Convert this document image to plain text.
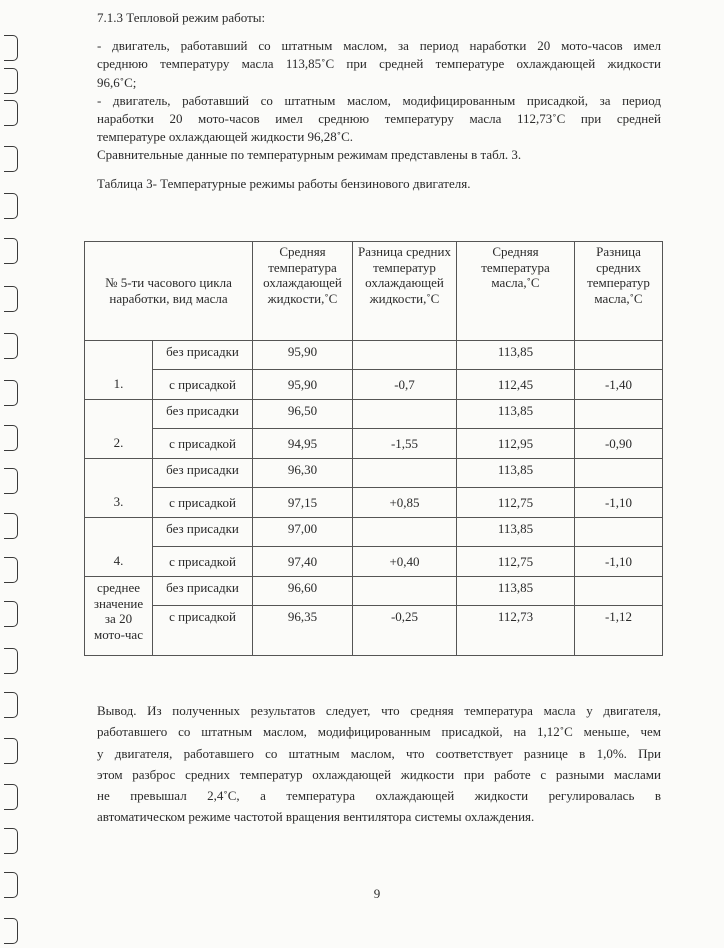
7.1.3 Тепловой режим работы:
- двигатель, работавший со штатным маслом, за период наработки 20 мото-часов имел
среднюю температуру масла 113,85˚С при средней температуре охлаждающей жидкости
96,6˚С;
- двигатель, работавший со штатным маслом, модифицированным присадкой, за период
наработки 20 мото-часов имел среднюю температуру масла 112,73˚С при средней
температуре охлаждающей жидкости 96,28˚С.
Сравнительные данные по температурным режимам представлены в табл. 3.
Таблица 3- Температурные режимы работы бензинового двигателя.
№ 5-ти часового цикла наработки, вид масла		Средняя температура охлаждающей жидкости,˚С	Разница средних температур охлаждающей жидкости,˚С	Средняя температура масла,˚С	Разница средних температур масла,˚С
1.	без присадки	95,90		113,85	
	с присадкой	95,90	-0,7	112,45	-1,40
2.	без присадки	96,50		113,85	
	с присадкой	94,95	-1,55	112,95	-0,90
3.	без присадки	96,30		113,85	
	с присадкой	97,15	+0,85	112,75	-1,10
4.	без присадки	97,00		113,85	
	с присадкой	97,40	+0,40	112,75	-1,10
среднее значение за 20 мото-час	без присадки	96,60		113,85	
	с присадкой	96,35	-0,25	112,73	-1,12
Вывод. Из полученных результатов следует, что средняя температура масла у двигателя,
работавшего со штатным маслом, модифицированным присадкой, на 1,12˚С меньше, чем
у двигателя, работавшего со штатным маслом, что соответствует разнице в 1,0%. При
этом разброс средних температур охлаждающей жидкости при работе с разными маслами
не превышал 2,4˚С, а температура охлаждающей жидкости регулировалась в
автоматическом режиме частотой вращения вентилятора системы охлаждения.
9
